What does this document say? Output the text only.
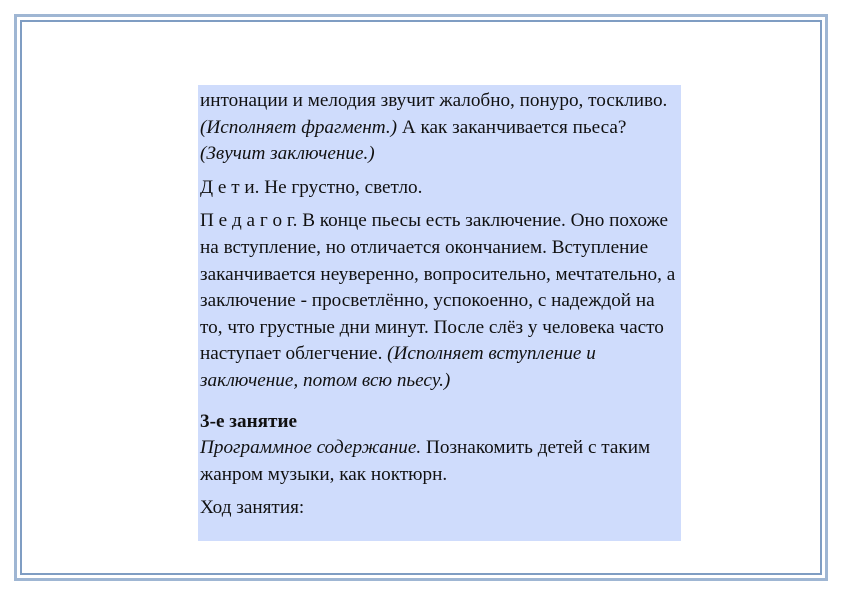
интонации и мелодия звучит жалобно, понуро, тоскливо. (Исполняет фрагмент.) А как заканчивается пьеса? (Звучит заключение.)

Д е т и. Не грустно, светло.

П е д а г о г. В конце пьесы есть заключение. Оно похоже на вступление, но отличается окончанием. Вступление заканчивается неуверенно, вопросительно, мечтательно, а заключение - просветлённо, успокоенно, с надеждой на то, что грустные дни минут. После слёз у человека часто наступает облегчение. (Исполняет вступление и заключение, потом всю пьесу.)

3-е занятие

Программное содержание. Познакомить детей с таким жанром музыки, как ноктюрн.

Ход занятия:
